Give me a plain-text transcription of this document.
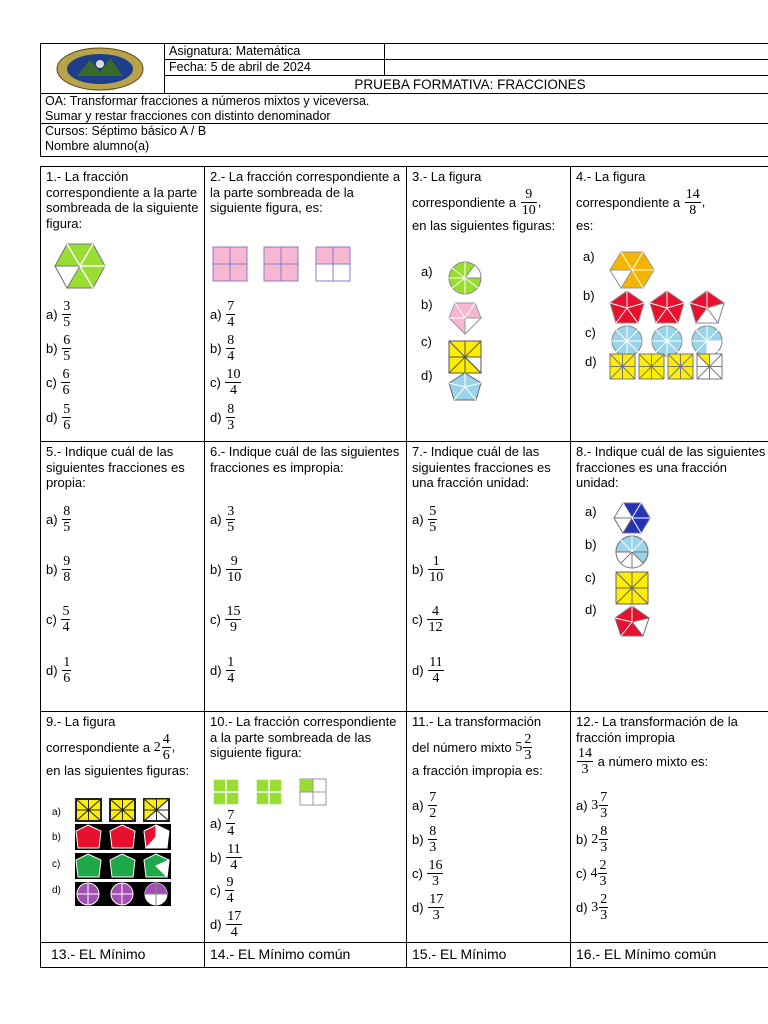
Asignatura: Matemática
Fecha: 5 de abril de 2024
PRUEBA FORMATIVA: FRACCIONES
OA: Transformar fracciones a números mixtos y viceversa.
Sumar y restar fracciones con distinto denominador
Cursos: Séptimo básico A / B
Nombre alumno(a)
1.- La fracción correspondiente a la parte sombreada de la siguiente figura:
$a) \frac{3}{5}$
$b) \frac{6}{5}$
$c) \frac{6}{6}$
$d) \frac{5}{6}$
2.- La fracción correspondiente a la parte sombreada de la siguiente figura, es:
$a) \frac{7}{4}$
$b) \frac{8}{4}$
$c) \frac{10}{4}$
$d) \frac{8}{3}$
3.- La figura
correspondiente a $\frac{9}{10}$ ,
en las siguientes figuras:
a)
b)
c)
d)
4.- La figura
correspondiente a $\frac{14}{8}$ ,
es:
a)
b)
c)
d)
5.- Indique cuál de las siguientes fracciones es propia:
$a) \frac{8}{5}$
$b) \frac{9}{8}$
$c) \frac{5}{4}$
$d) \frac{1}{6}$
6.- Indique cuál de las siguientes fracciones es impropia:
$a) \frac{3}{5}$
$b) \frac{9}{10}$
$c) \frac{15}{9}$
$d) \frac{1}{4}$
7.- Indique cuál de las siguientes fracciones es una fracción unidad:
$a) \frac{5}{5}$
$b) \frac{1}{10}$
$c) \frac{4}{12}$
$d) \frac{11}{4}$
8.- Indique cuál de las siguientes fracciones es una fracción unidad:
a)
b)
c)
d)
9.- La figura
correspondiente a $2 \frac{4}{6}$ ,
en las siguientes figuras:
a)
b)
c)
d)
10.- La fracción correspondiente a la parte sombreada de las siguiente figura:
$a) \frac{7}{4}$
$b) \frac{11}{4}$
$c) \frac{9}{4}$
$d) \frac{17}{4}$
11.- La transformación
del número mixto $5 \frac{2}{3}$
a fracción impropia es:
$a) \frac{7}{2}$
$b) \frac{8}{3}$
$c) \frac{16}{3}$
$d) \frac{17}{3}$
12.- La transformación de la fracción impropia
$\frac{14}{3}$ a número mixto es:
a) $3 \frac{7}{3}$
b) $2 \frac{8}{3}$
c) $4 \frac{2}{3}$
d) $3 \frac{2}{3}$
13.- EL Mínimo	14.- EL Mínimo común	15.- EL Mínimo	16.- EL Mínimo común
